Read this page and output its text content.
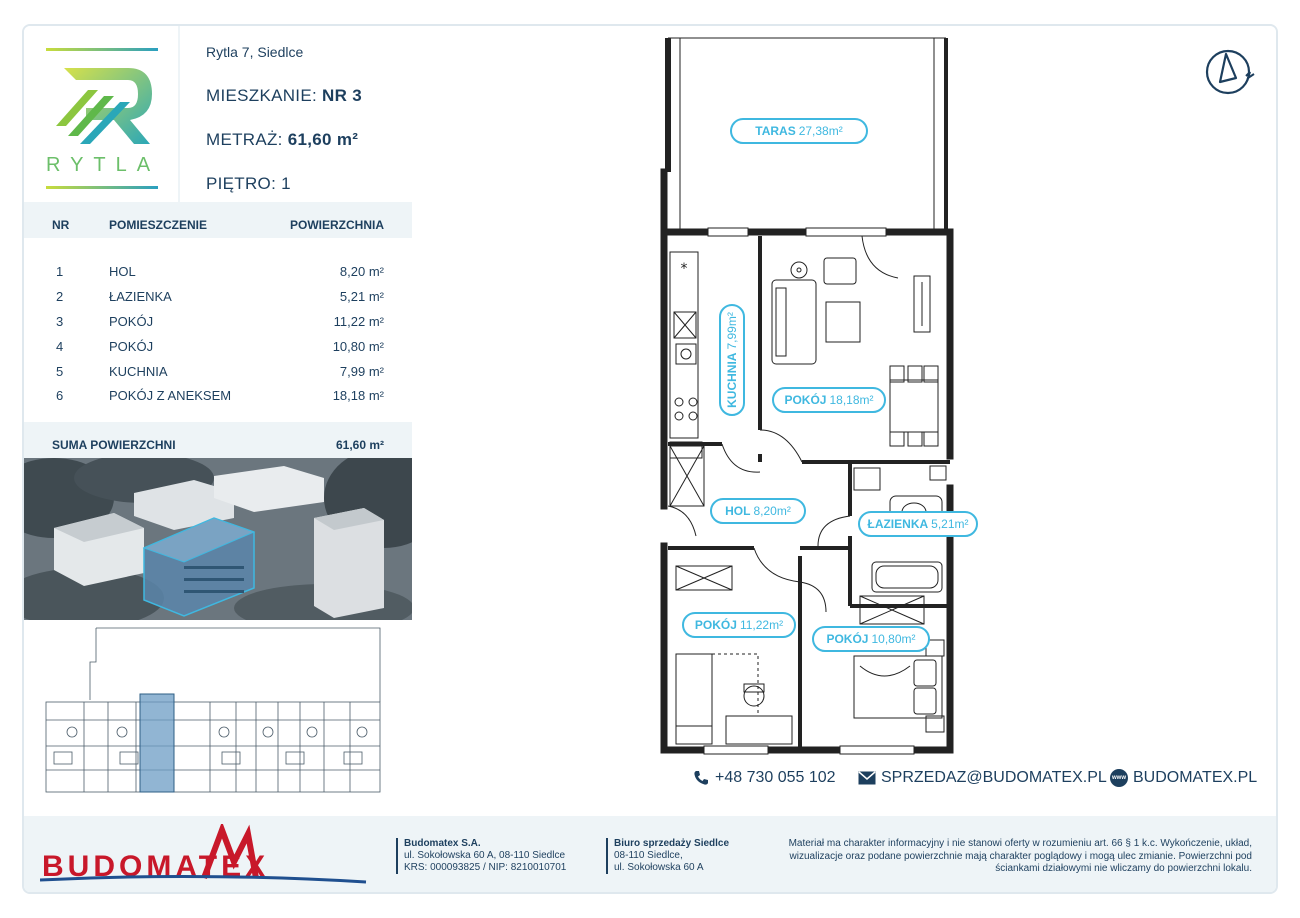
RYTLA
Rytla 7, Siedlce
MIESZKANIE: NR 3
METRAŻ: 61,60 m²
PIĘTRO: 1
NR	POMIESZCZENIE	POWIERZCHNIA
1	HOL	8,20 m²
2	ŁAZIENKA	5,21 m²
3	POKÓJ	11,22 m²
4	POKÓJ	10,80 m²
5	KUCHNIA	7,99 m²
6	POKÓJ Z ANEKSEM	18,18 m²
SUMA POWIERZCHNI	61,60 m²
*
TARAS 27,38m²
KUCHNIA
7,99m²
POKÓJ 18,18m²
HOL 8,20m²
ŁAZIENKA 5,21m²
POKÓJ 11,22m²
POKÓJ 10,80m²
+48 730 055 102	SPRZEDAZ@BUDOMATEX.PL www BUDOMATEX.PL
BUDOMATEX
Budomatex S.A.
ul. Sokołowska 60 A, 08-110 Siedlce
KRS: 000093825 / NIP: 8210010701
Biuro sprzedaży Siedlce
08-110 Siedlce,
ul. Sokołowska 60 A
Materiał ma charakter informacyjny i nie stanowi oferty w rozumieniu art. 66 § 1 k.c. Wykończenie, układ,
wizualizacje oraz podane powierzchnie mają charakter poglądowy i mogą ulec zmianie. Powierzchni pod
ściankami działowymi nie wliczamy do powierzchni lokalu.
